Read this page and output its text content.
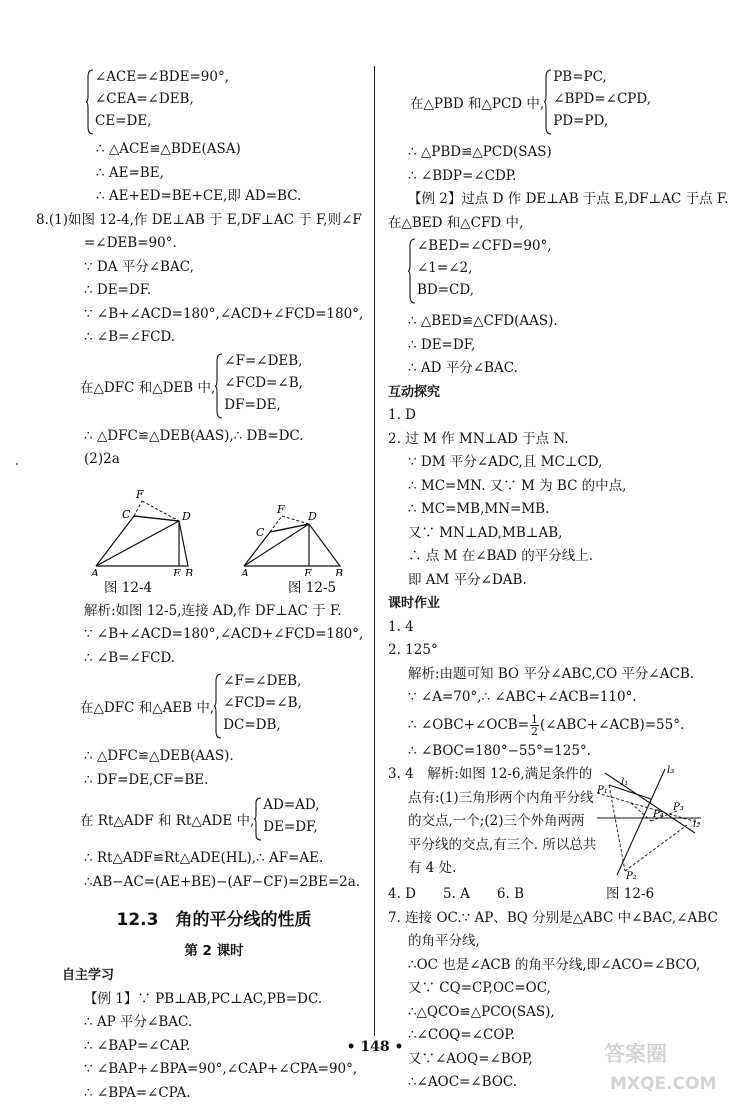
∠ACE=∠BDE=90°,
∠CEA=∠DEB,
CE=DE,
∴ △ACE≌△BDE(ASA)
∴ AE=BE,
∴ AE+ED=BE+CE,即 AD=BC.
8.(1)如图 12-4,作 DE⊥AB 于 E,DF⊥AC 于 F,则∠F
=∠DEB=90°.
∵ DA 平分∠BAC,
∴ DE=DF.
∵ ∠B+∠ACD=180°,∠ACD+∠FCD=180°,
∴ ∠B=∠FCD.
在△DFC 和△DEB 中,
∠F=∠DEB,
∠FCD=∠B,
DF=DE,
∴ △DFC≌△DEB(AAS),∴ DB=DC.
(2)2a
F
C	D
A	E B
F
C
D
A	E B
图 12-4	图 12-5
解析:如图 12-5,连接 AD,作 DF⊥AC 于 F.
∵ ∠B+∠ACD=180°,∠ACD+∠FCD=180°,
∴ ∠B=∠FCD.
在△DFC 和△AEB 中,
∠F=∠DEB,
∠FCD=∠B,
DC=DB,
∴ △DFC≌△DEB(AAS).
∴ DF=DE,CF=BE.
在 Rt△ADF 和 Rt△ADE 中,
AD=AD,
DE=DF,
∴ Rt△ADF≌Rt△ADE(HL),∴ AF=AE.
∴AB−AC=(AE+BE)−(AF−CF)=2BE=2a.
12.3　角的平分线的性质
第 2 课时
自主学习
【例 1】∵ PB⊥AB,PC⊥AC,PB=DC.
∴ AP 平分∠BAC.
∴ ∠BAP=∠CAP.
∵ ∠BAP+∠BPA=90°,∠CAP+∠CPA=90°,
∴ ∠BPA=∠CPA.
在△PBD 和△PCD 中,
PB=PC,
∠BPD=∠CPD,
PD=PD,
∴ △PBD≌△PCD(SAS)
∴ ∠BDP=∠CDP.
【例 2】过点 D 作 DE⊥AB 于点 E,DF⊥AC 于点 F.
在△BED 和△CFD 中,
∠BED=∠CFD=90°,
∠1=∠2,
BD=CD,
∴ △BED≌△CFD(AAS).
∴ DE=DF,
∴ AD 平分∠BAC.
互动探究
1. D
2. 过 M 作 MN⊥AD 于点 N.
∵ DM 平分∠ADC,且 MC⊥CD,
∴ MC=MN. 又∵ M 为 BC 的中点,
∴ MC=MB,MN=MB.
又∵ MN⊥AD,MB⊥AB,
∴ 点 M 在∠BAD 的平分线上.
即 AM 平分∠DAB.
课时作业
1. 4
2. 125°
解析:由题可知 BO 平分∠ABC,CO 平分∠ACB.
∵ ∠A=70°,∴ ∠ABC+∠ACB=110°.
∴ ∠OBC+∠OCB= $\frac{1}{2}$ (∠ABC+∠ACB)=55°.
∴ ∠BOC=180°−55°=125°.
3. 4　解析:如图 12-6,满足条件的
点有:(1)三角形两个内角平分线
的交点,一个;(2)三个外角两两
平分线的交点,有三个. 所以总共
有 4 处.
l₁
l₃
l₂
P₁
P₄
P₃
P₂
4. D　　5. A　　6. B	图 12-6
7. 连接 OC.∵ AP、BQ 分别是△ABC 中∠BAC,∠ABC
的角平分线,
∴OC 也是∠ACB 的角平分线,即∠ACO=∠BCO,
又∵ CQ=CP,OC=OC,
∴△QCO≌△PCO(SAS),
∴∠COQ=∠COP.
又∵∠AOQ=∠BOP,
∴∠AOC=∠BOC.
• 148 •	答案圈
MXQE.COM
